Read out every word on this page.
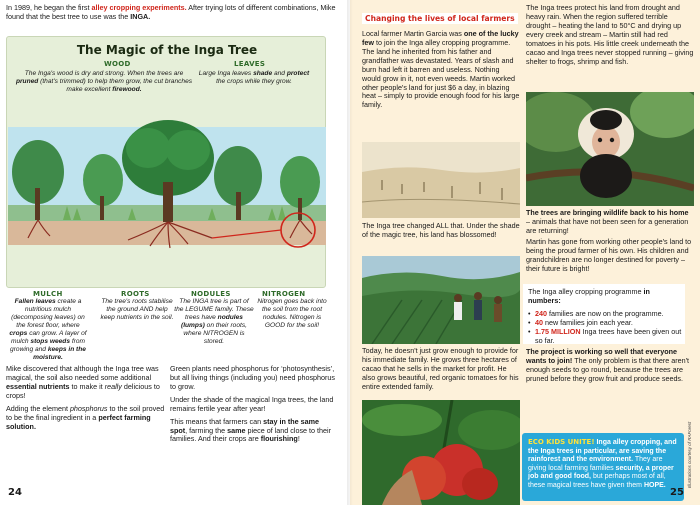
In 1989, he began the first alley cropping experiments. After trying lots of different combinations, Mike found that the best tree to use was the INGA.
The Magic of the Inga Tree
WOOD
The Inga's wood is dry and strong. When the trees are pruned (that's trimmed) to help them grow, the cut branches make excellent firewood.
LEAVES
Large Inga leaves shade and protect the crops while they grow.
MULCH
Fallen leaves create a nutritious mulch (decomposing leaves) on the forest floor, where crops can grow. A layer of mulch stops weeds from growing and keeps in the moisture.
ROOTS
The tree's roots stabilise the ground AND help keep nutrients in the soil.
NODULES
The INGA tree is part of the LEGUME family. These trees have nodules (lumps) on their roots, where NITROGEN is stored.
NITROGEN
Nitrogen goes back into the soil from the root nodules. Nitrogen is GOOD for the soil!

Mike discovered that although the Inga tree was magical, the soil also needed some additional essential nutrients to make it really delicious to crops!

Adding the element phosphorus to the soil proved to be the final ingredient in a perfect farming solution.

Green plants need phosphorus for ‘photosynthesis’, but all living things (including you) need phosphorus to grow.

Under the shade of the magical Inga trees, the land remains fertile year after year!

This means that farmers can stay in the same spot, farming the same piece of land close to their families. And their crops are flourishing!

24
Changing the lives of local farmers
Local farmer Martin Garcia was one of the lucky few to join the Inga alley cropping programme. The land he inherited from his father and grandfather was devastated. Years of slash and burn had left it barren and useless. Nothing would grow in it, not even weeds. Martin worked other people's land for just $6 a day, in blazing heat – simply to provide enough food for his large family.
The Inga tree changed ALL that. Under the shade of the magic tree, his land has blossomed!
Today, he doesn't just grow enough to provide for his immediate family. He grows three hectares of cacao that he sells in the market for profit. He also grows beautiful, red organic tomatoes for his entire extended family.
The Inga trees protect his land from drought and heavy rain. When the region suffered terrible drought – heating the land to 50°C and drying up every creek and stream – Martin still had red tomatoes in his pots. His little creek underneath the cacao and Inga trees never stopped running – giving shelter to frogs, shrimp and fish.
The trees are bringing wildlife back to his home – animals that have not been seen for a generation are returning!
Martin has gone from working other people's land to being the proud farmer of his own. His children and grandchildren are no longer destined for poverty – their future is bright!
The Inga alley cropping programme in numbers:
• 240 families are now on the programme.
• 40 new families join each year.
• 1.75 MILLION Inga trees have been given out so far.
The project is working so well that everyone wants to join! The only problem is that there aren't enough seeds to go round, because the trees are pruned before they grow fruit and produce seeds.
ECO KIDS UNITE! Inga alley cropping, and the Inga trees in particular, are saving the rainforest and the environment. They are giving local farming families security, a proper job and good food, but perhaps most of all, these magical trees have given them HOPE.	Illustrations courtesy of RAForest
25
